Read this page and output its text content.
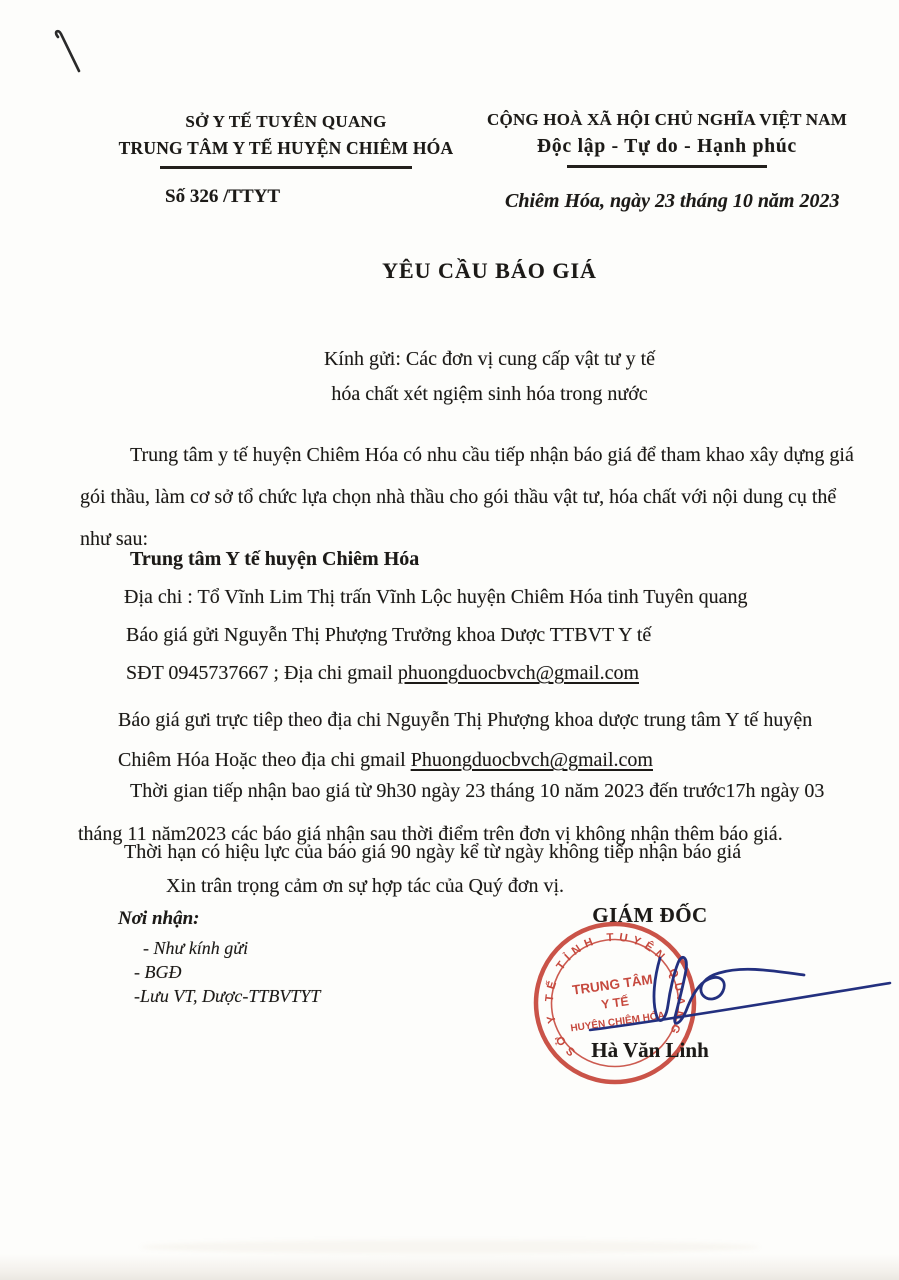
SỞ Y TẾ TUYÊN QUANG
TRUNG TÂM Y TẾ HUYỆN CHIÊM HÓA
Số 326 /TTYT
CỘNG HOÀ XÃ HỘI CHỦ NGHĨA VIỆT NAM
Độc lập - Tự do - Hạnh phúc
Chiêm Hóa, ngày 23 tháng 10 năm 2023
YÊU CẦU BÁO GIÁ
Kính gửi: Các đơn vị cung cấp vật tư y tế
hóa chất xét ngiệm sinh hóa trong nước
Trung tâm y tế huyện Chiêm Hóa có nhu cầu tiếp nhận báo giá để tham khao xây dựng giá gói thầu, làm cơ sở tổ chức lựa chọn nhà thầu cho gói thầu vật tư, hóa chất với nội dung cụ thể như sau:
Trung tâm Y tế huyện Chiêm Hóa
Địa chi : Tổ Vĩnh Lim Thị trấn Vĩnh Lộc huyện Chiêm Hóa tinh Tuyên quang
Báo giá gửi Nguyễn Thị Phượng Trưởng khoa Dược TTBVT Y tế
SĐT 0945737667 ; Địa chi gmail phuongduocbvch@gmail.com
Báo giá gưi trực tiêp theo địa chi Nguyễn Thị Phượng khoa dược trung tâm Y tế huyện Chiêm Hóa Hoặc theo địa chi gmail Phuongduocbvch@gmail.com
Thời gian tiếp nhận bao giá từ 9h30 ngày 23 tháng 10 năm 2023 đến trước17h ngày 03 tháng 11 năm2023 các báo giá nhận sau thời điểm trên đơn vị không nhận thêm báo giá.
Thời hạn có hiệu lực của báo giá 90 ngày kể từ ngày không tiếp nhận báo giá
Xin trân trọng cảm ơn sự hợp tác của Quý đơn vị.
Nơi nhận:
- Như kính gửi
- BGĐ
-Lưu VT, Dược-TTBVTYT
GIÁM ĐỐC
SỞ Y TẾ TỈNH TUYÊN QUANG
TRUNG TÂM
Y TẾ
HUYỆN CHIÊM HÓA
Hà Văn Linh
